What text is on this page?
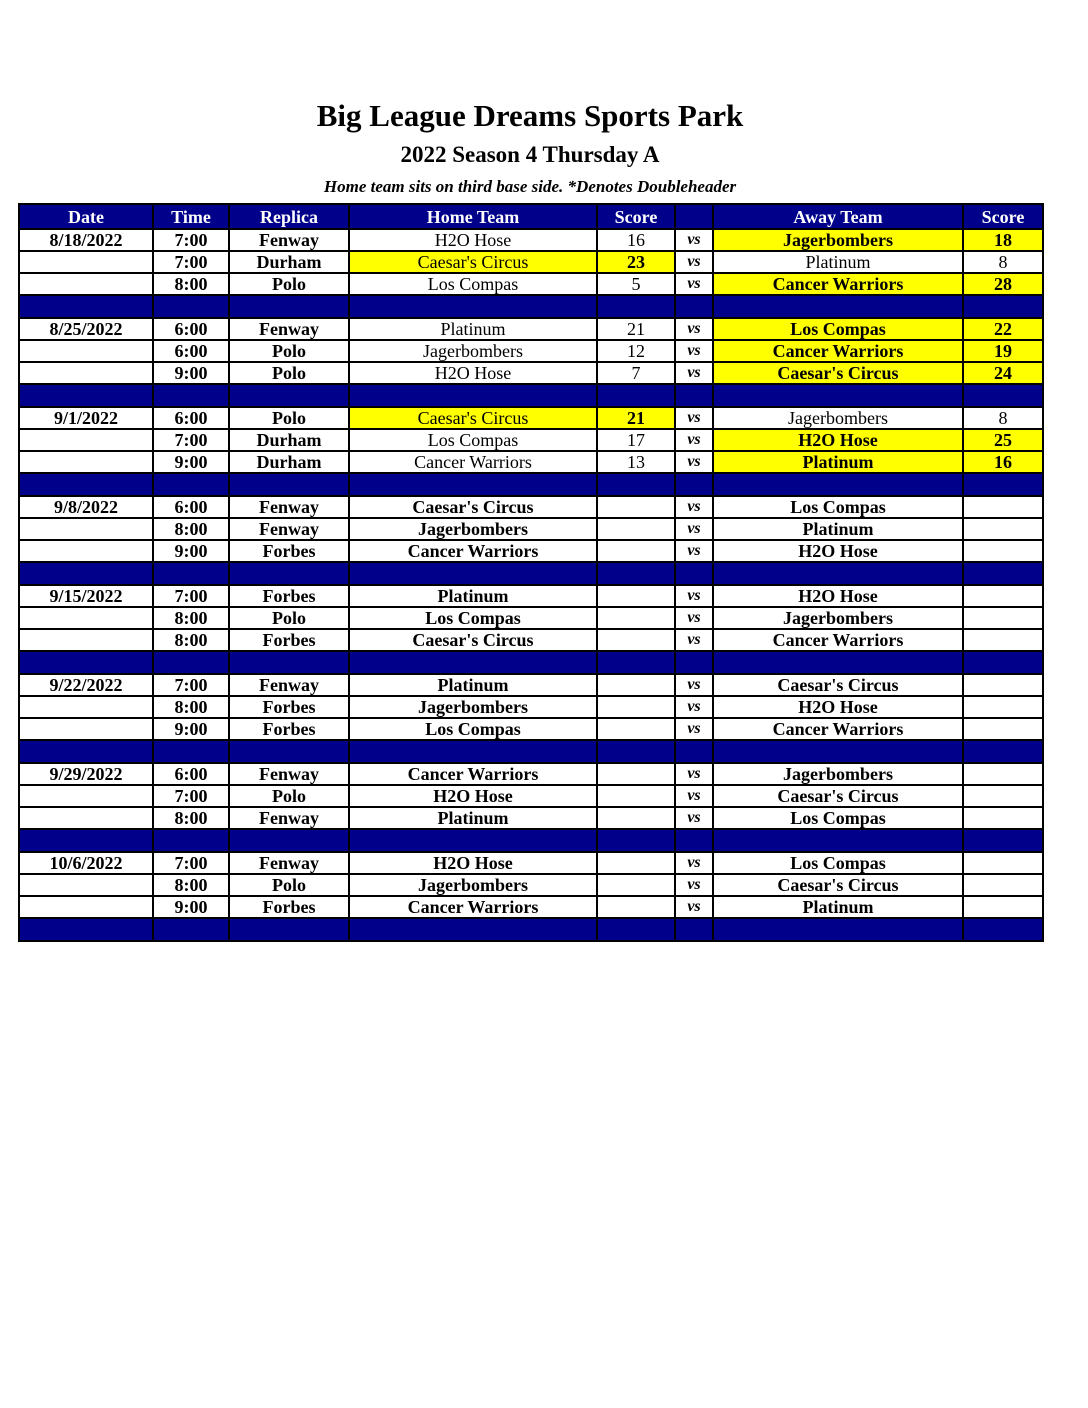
Big League Dreams Sports Park
2022 Season 4 Thursday A
Home team sits on third base side. *Denotes Doubleheader
Date	Time	Replica	Home Team	Score		Away Team	Score
8/18/2022	7:00	Fenway	H2O Hose	16	vs	Jagerbombers	18
	7:00	Durham	Caesar's Circus	23	vs	Platinum	8
	8:00	Polo	Los Compas	5	vs	Cancer Warriors	28

8/25/2022	6:00	Fenway	Platinum	21	vs	Los Compas	22
	6:00	Polo	Jagerbombers	12	vs	Cancer Warriors	19
	9:00	Polo	H2O Hose	7	vs	Caesar's Circus	24

9/1/2022	6:00	Polo	Caesar's Circus	21	vs	Jagerbombers	8
	7:00	Durham	Los Compas	17	vs	H2O Hose	25
	9:00	Durham	Cancer Warriors	13	vs	Platinum	16

9/8/2022	6:00	Fenway	Caesar's Circus		vs	Los Compas	
	8:00	Fenway	Jagerbombers		vs	Platinum	
	9:00	Forbes	Cancer Warriors		vs	H2O Hose	

9/15/2022	7:00	Forbes	Platinum		vs	H2O Hose	
	8:00	Polo	Los Compas		vs	Jagerbombers	
	8:00	Forbes	Caesar's Circus		vs	Cancer Warriors	

9/22/2022	7:00	Fenway	Platinum		vs	Caesar's Circus	
	8:00	Forbes	Jagerbombers		vs	H2O Hose	
	9:00	Forbes	Los Compas		vs	Cancer Warriors	

9/29/2022	6:00	Fenway	Cancer Warriors		vs	Jagerbombers	
	7:00	Polo	H2O Hose		vs	Caesar's Circus	
	8:00	Fenway	Platinum		vs	Los Compas	

10/6/2022	7:00	Fenway	H2O Hose		vs	Los Compas	
	8:00	Polo	Jagerbombers		vs	Caesar's Circus	
	9:00	Forbes	Cancer Warriors		vs	Platinum	
